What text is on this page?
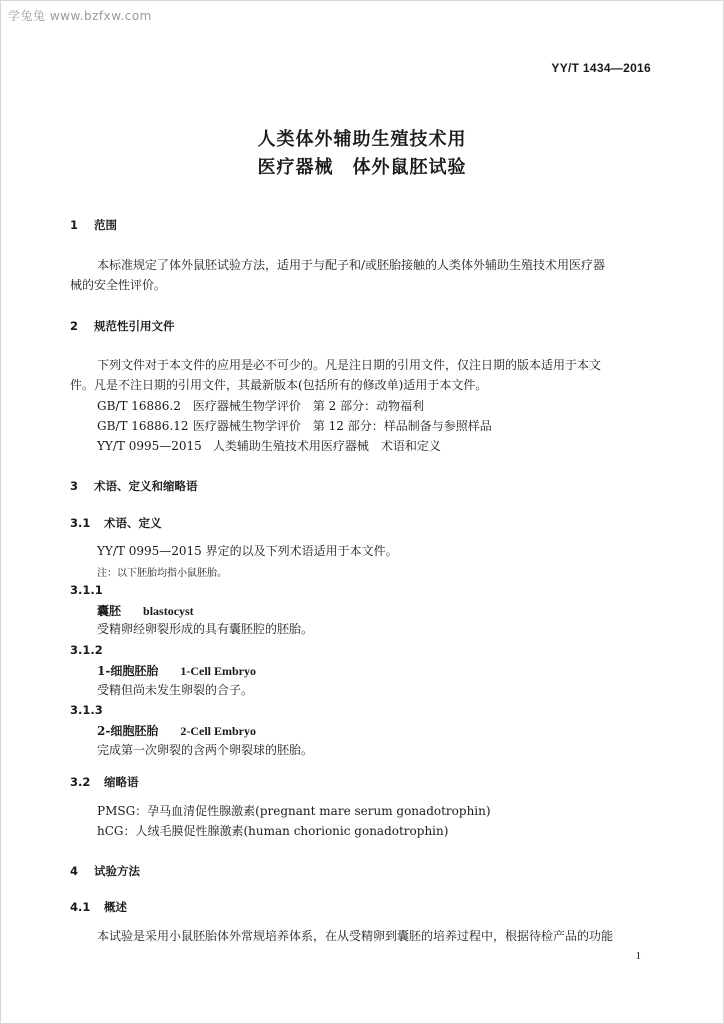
学兔兔 www.bzfxw.com
YY/T 1434—2016
人类体外辅助生殖技术用
医疗器械　体外鼠胚试验
1 范围
本标准规定了体外鼠胚试验方法，适用于与配子和/或胚胎接触的人类体外辅助生殖技术用医疗器
械的安全性评价。
2 规范性引用文件
下列文件对于本文件的应用是必不可少的。凡是注日期的引用文件，仅注日期的版本适用于本文
件。凡是不注日期的引用文件，其最新版本(包括所有的修改单)适用于本文件。
GB/T 16886.2 医疗器械生物学评价　第 2 部分：动物福利
GB/T 16886.12 医疗器械生物学评价　第 12 部分：样品制备与参照样品
YY/T 0995—2015 人类辅助生殖技术用医疗器械　术语和定义
3 术语、定义和缩略语
3.1 术语、定义
YY/T 0995—2015 界定的以及下列术语适用于本文件。
注：以下胚胎均指小鼠胚胎。
3.1.1
囊胚 blastocyst
受精卵经卵裂形成的具有囊胚腔的胚胎。
3.1.2
1-细胞胚胎 1-Cell Embryo
受精但尚未发生卵裂的合子。
3.1.3
2-细胞胚胎 2-Cell Embryo
完成第一次卵裂的含两个卵裂球的胚胎。
3.2 缩略语
PMSG：孕马血清促性腺激素(pregnant mare serum gonadotrophin)
hCG：人绒毛膜促性腺激素(human chorionic gonadotrophin)
4 试验方法
4.1 概述
本试验是采用小鼠胚胎体外常规培养体系，在从受精卵到囊胚的培养过程中，根据待检产品的功能
1
